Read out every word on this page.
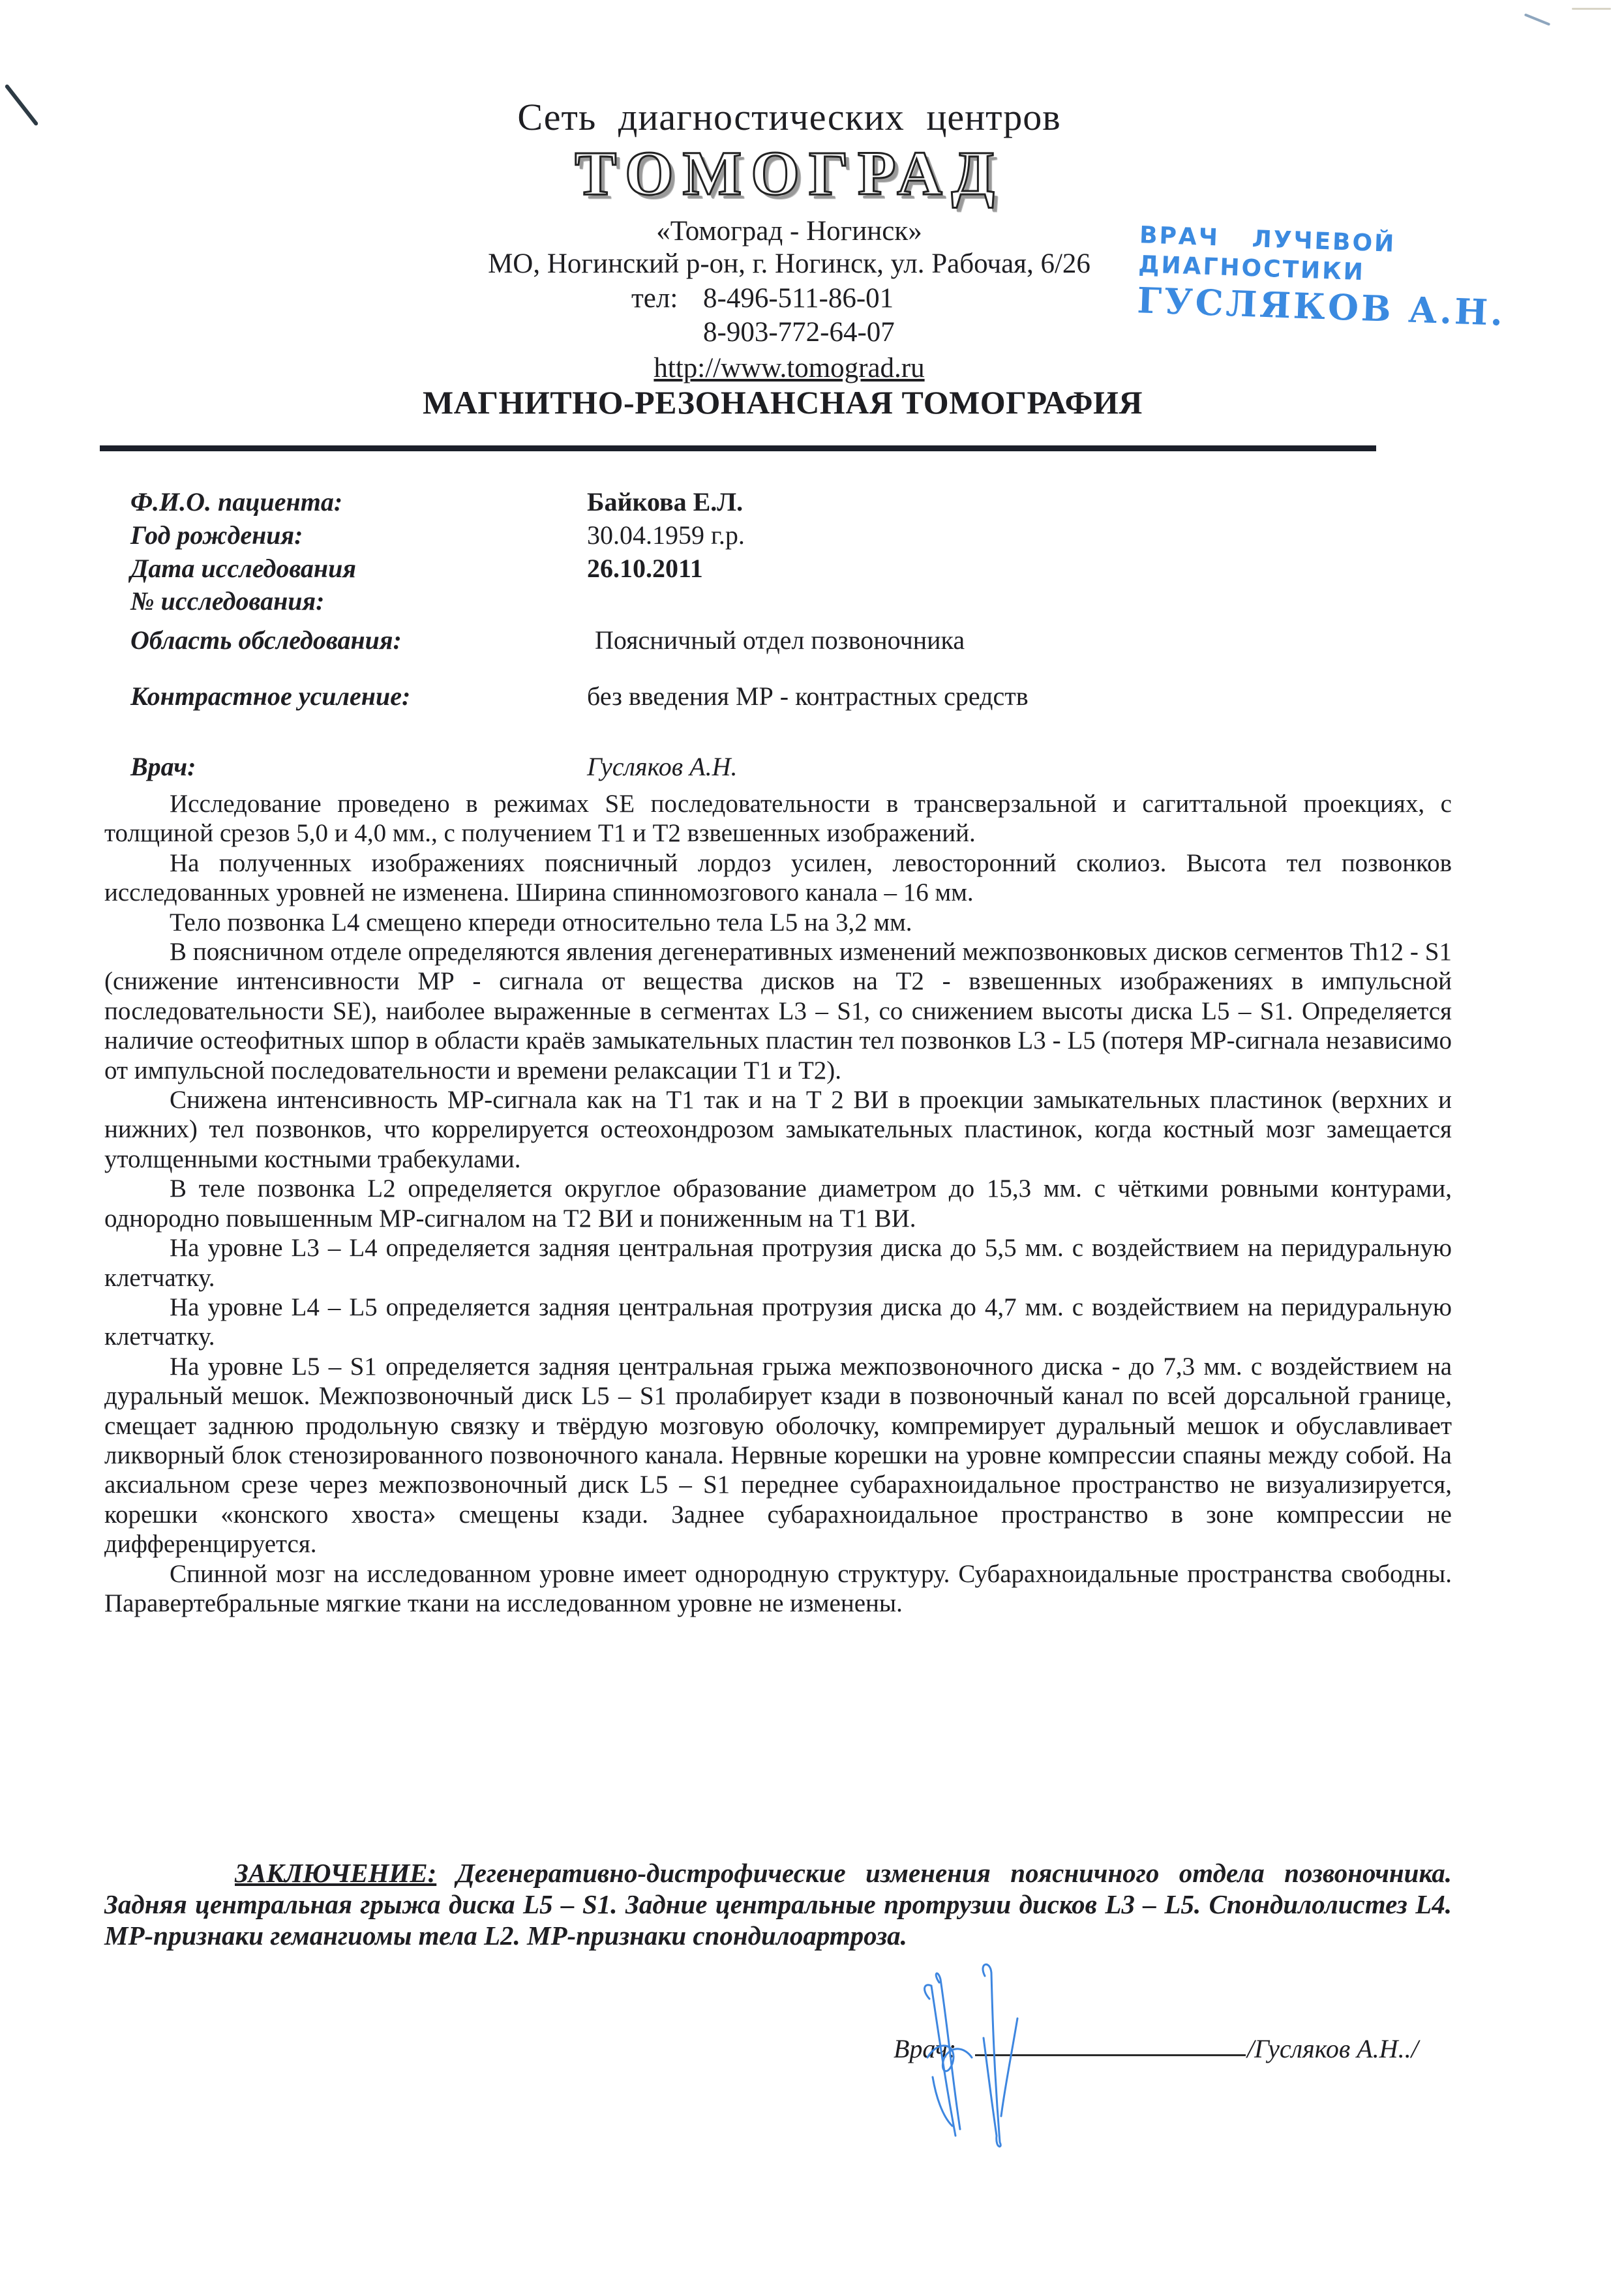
Сеть диагностических центров
ТОМОГРАД
«Томоград - Ногинск»
МО, Ногинский р-он, г. Ногинск, ул. Рабочая, 6/26
тел: 8-496-511-86-01
8-903-772-64-07
http://www.tomograd.ru
МАГНИТНО-РЕЗОНАНСНАЯ ТОМОГРАФИЯ
ВРАЧ ЛУЧЕВОЙ
ДИАГНОСТИКИ
ГУСЛЯКОВ А.Н.
Ф.И.О. пациента:	Байкова Е.Л.
Год рождения:	30.04.1959 г.р.
Дата исследования	26.10.2011
№ исследования:
Область обследования:	Поясничный отдел позвоночника
Контрастное усиление:	без введения МР - контрастных средств
Врач:	Гусляков А.Н.

Исследование проведено в режимах SE последовательности в трансверзальной и сагиттальной проекциях, с толщиной срезов 5,0 и 4,0 мм., с получением T1 и T2 взвешенных изображений.

На полученных изображениях поясничный лордоз усилен, левосторонний сколиоз. Высота тел позвонков исследованных уровней не изменена. Ширина спинномозгового канала – 16 мм.

Тело позвонка L4 смещено кпереди относительно тела L5 на 3,2 мм.

В поясничном отделе определяются явления дегенеративных изменений межпозвонковых дисков сегментов Th12 - S1 (снижение интенсивности МР - сигнала от вещества дисков на Т2 - взвешенных изображениях в импульсной последовательности SE), наиболее выраженные в сегментах L3 – S1, со снижением высоты диска L5 – S1. Определяется наличие остеофитных шпор в области краёв замыкательных пластин тел позвонков L3 - L5 (потеря МР-сигнала независимо от импульсной последовательности и времени релаксации Т1 и Т2).

Снижена интенсивность МР-сигнала как на Т1 так и на Т 2 ВИ в проекции замыкательных пластинок (верхних и нижних) тел позвонков, что коррелируется остеохондрозом замыкательных пластинок, когда костный мозг замещается утолщенными костными трабекулами.

В теле позвонка L2 определяется округлое образование диаметром до 15,3 мм. с чёткими ровными контурами, однородно повышенным МР-сигналом на Т2 ВИ и пониженным на Т1 ВИ.

На уровне L3 – L4 определяется задняя центральная протрузия диска до 5,5 мм. с воздействием на перидуральную клетчатку.

На уровне L4 – L5 определяется задняя центральная протрузия диска до 4,7 мм. с воздействием на перидуральную клетчатку.

На уровне L5 – S1 определяется задняя центральная грыжа межпозвоночного диска - до 7,3 мм. с воздействием на дуральный мешок. Межпозвоночный диск L5 – S1 пролабирует кзади в позвоночный канал по всей дорсальной границе, смещает заднюю продольную связку и твёрдую мозговую оболочку, компремирует дуральный мешок и обуславливает ликворный блок стенозированного позвоночного канала. Нервные корешки на уровне компрессии спаяны между собой. На аксиальном срезе через межпозвоночный диск L5 – S1 переднее субарахноидальное пространство не визуализируется, корешки «конского хвоста» смещены кзади. Заднее субарахноидальное пространство в зоне компрессии не дифференцируется.

Спинной мозг на исследованном уровне имеет однородную структуру. Субарахноидальные пространства свободны. Паравертебральные мягкие ткани на исследованном уровне не изменены.

ЗАКЛЮЧЕНИЕ: Дегенеративно-дистрофические изменения поясничного отдела позвоночника. Задняя центральная грыжа диска L5 – S1. Задние центральные протрузии дисков L3 – L5. Спондилолистез L4. МР-признаки гемангиомы тела L2. МР-признаки спондилоартроза.
Врач:	/Гусляков А.Н../
